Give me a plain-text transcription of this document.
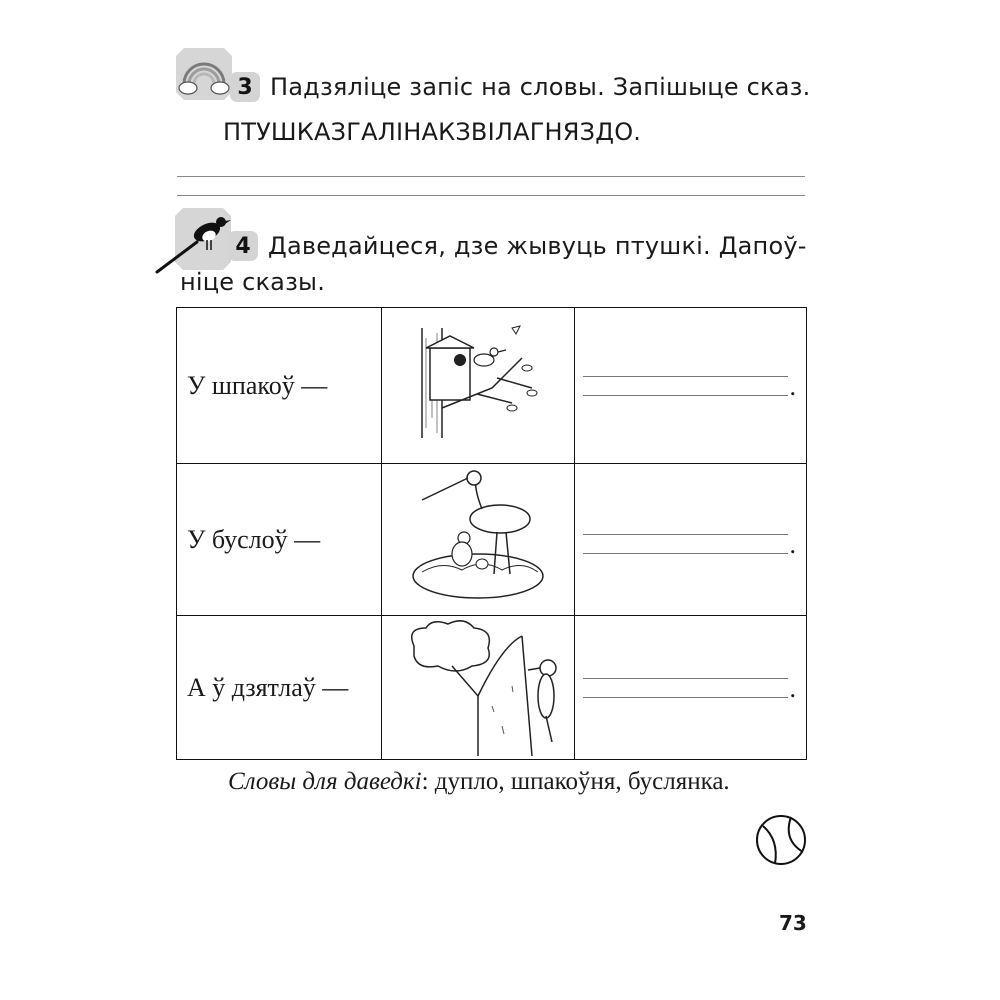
3 Падзяліце запіс на словы. Запішыце сказ.
ПТУШКАЗГАЛІНАКЗВІЛАГНЯЗДО.
4 Даведайцеся, дзе жывуць птушкі. Дапоў-
ніце сказы.
У шпакоў —		.

У буслоў —		.

А ў дзятлаў —		.
Словы для даведкі: дупло, шпакоўня, буслянка.
73
